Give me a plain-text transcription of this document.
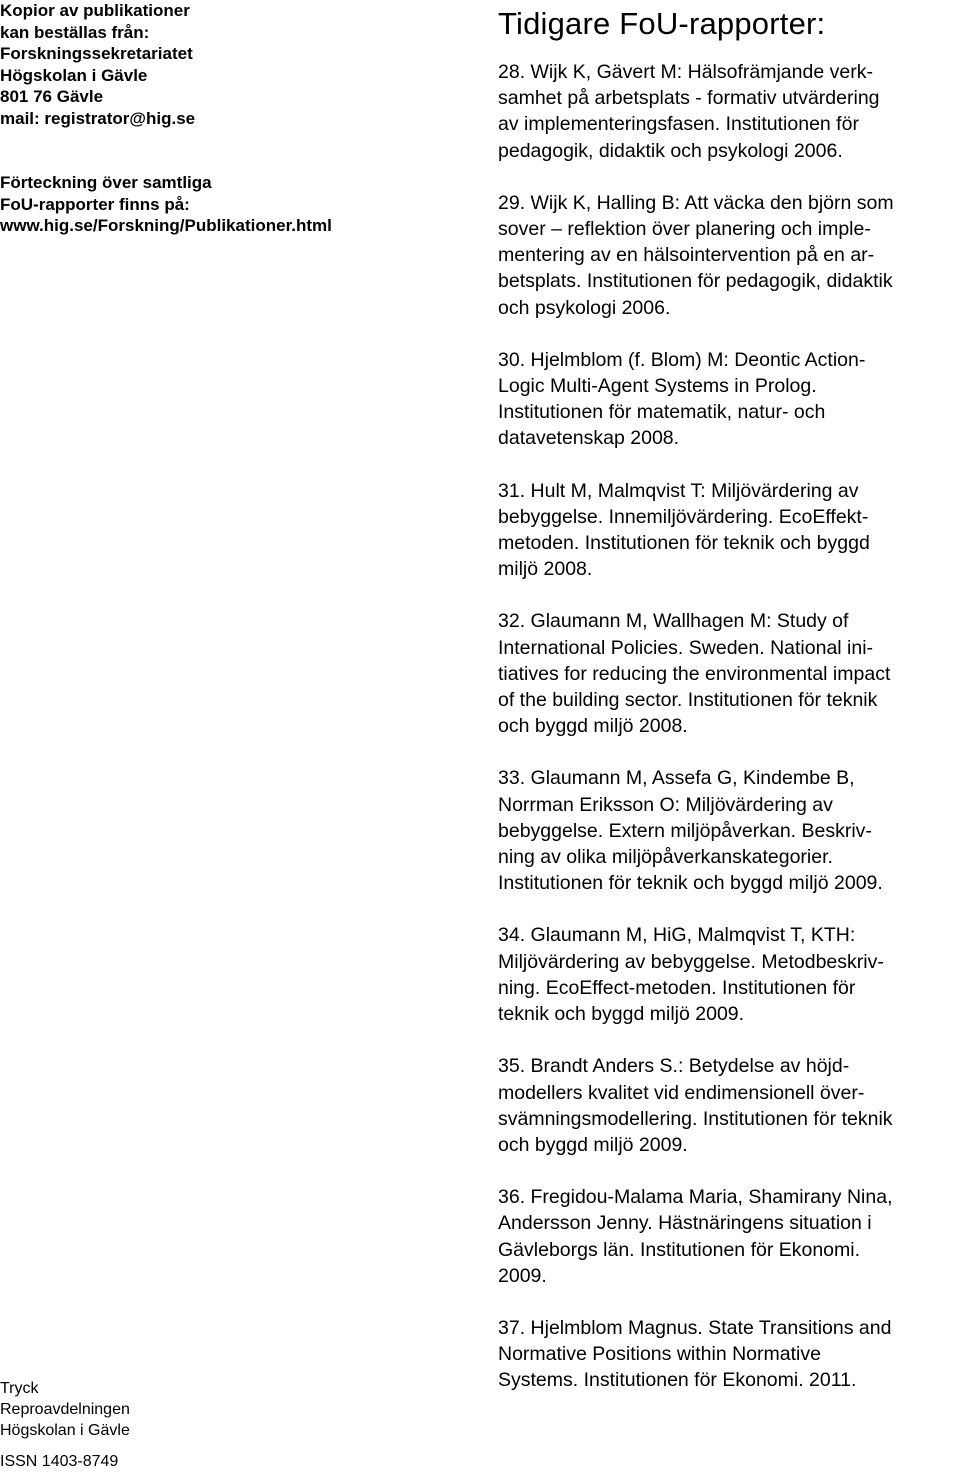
Kopior av publikationer
kan beställas från:
Forskningssekretariatet
Högskolan i Gävle
801 76 Gävle
mail: registrator@hig.se
Förteckning över samtliga
FoU-rapporter finns på:
www.hig.se/Forskning/Publikationer.html
Tryck
Reproavdelningen
Högskolan i Gävle
ISSN 1403-8749
Tidigare FoU-rapporter:
28. Wijk K, Gävert M: Hälsofrämjande verk-
samhet på arbetsplats - formativ utvärdering
av implementeringsfasen. Institutionen för
pedagogik, didaktik och psykologi 2006.
29. Wijk K, Halling B: Att väcka den björn som
sover – reflektion över planering och imple-
mentering av en hälsointervention på en ar-
betsplats. Institutionen för pedagogik, didaktik
och psykologi 2006.
30. Hjelmblom (f. Blom) M: Deontic Action-
Logic Multi-Agent Systems in Prolog.
Institutionen för matematik, natur- och
datavetenskap 2008.
31. Hult M, Malmqvist T: Miljövärdering av
bebyggelse. Innemiljövärdering. EcoEffekt-
metoden. Institutionen för teknik och byggd
miljö 2008.
32. Glaumann M, Wallhagen M: Study of
International Policies. Sweden. National ini-
tiatives for reducing the environmental impact
of the building sector. Institutionen för teknik
och byggd miljö 2008.
33. Glaumann M, Assefa G, Kindembe B,
Norrman Eriksson O: Miljövärdering av
bebyggelse. Extern miljöpåverkan. Beskriv-
ning av olika miljöpåverkanskategorier.
Institutionen för teknik och byggd miljö 2009.
34. Glaumann M, HiG, Malmqvist T, KTH:
Miljövärdering av bebyggelse. Metodbeskriv-
ning. EcoEffect-metoden. Institutionen för
teknik och byggd miljö 2009.
35. Brandt Anders S.: Betydelse av höjd-
modellers kvalitet vid endimensionell över-
svämningsmodellering. Institutionen för teknik
och byggd miljö 2009.
36. Fregidou-Malama Maria, Shamirany Nina,
Andersson Jenny. Hästnäringens situation i
Gävleborgs län. Institutionen för Ekonomi.
2009.
37. Hjelmblom Magnus. State Transitions and
Normative Positions within Normative
Systems. Institutionen för Ekonomi. 2011.
